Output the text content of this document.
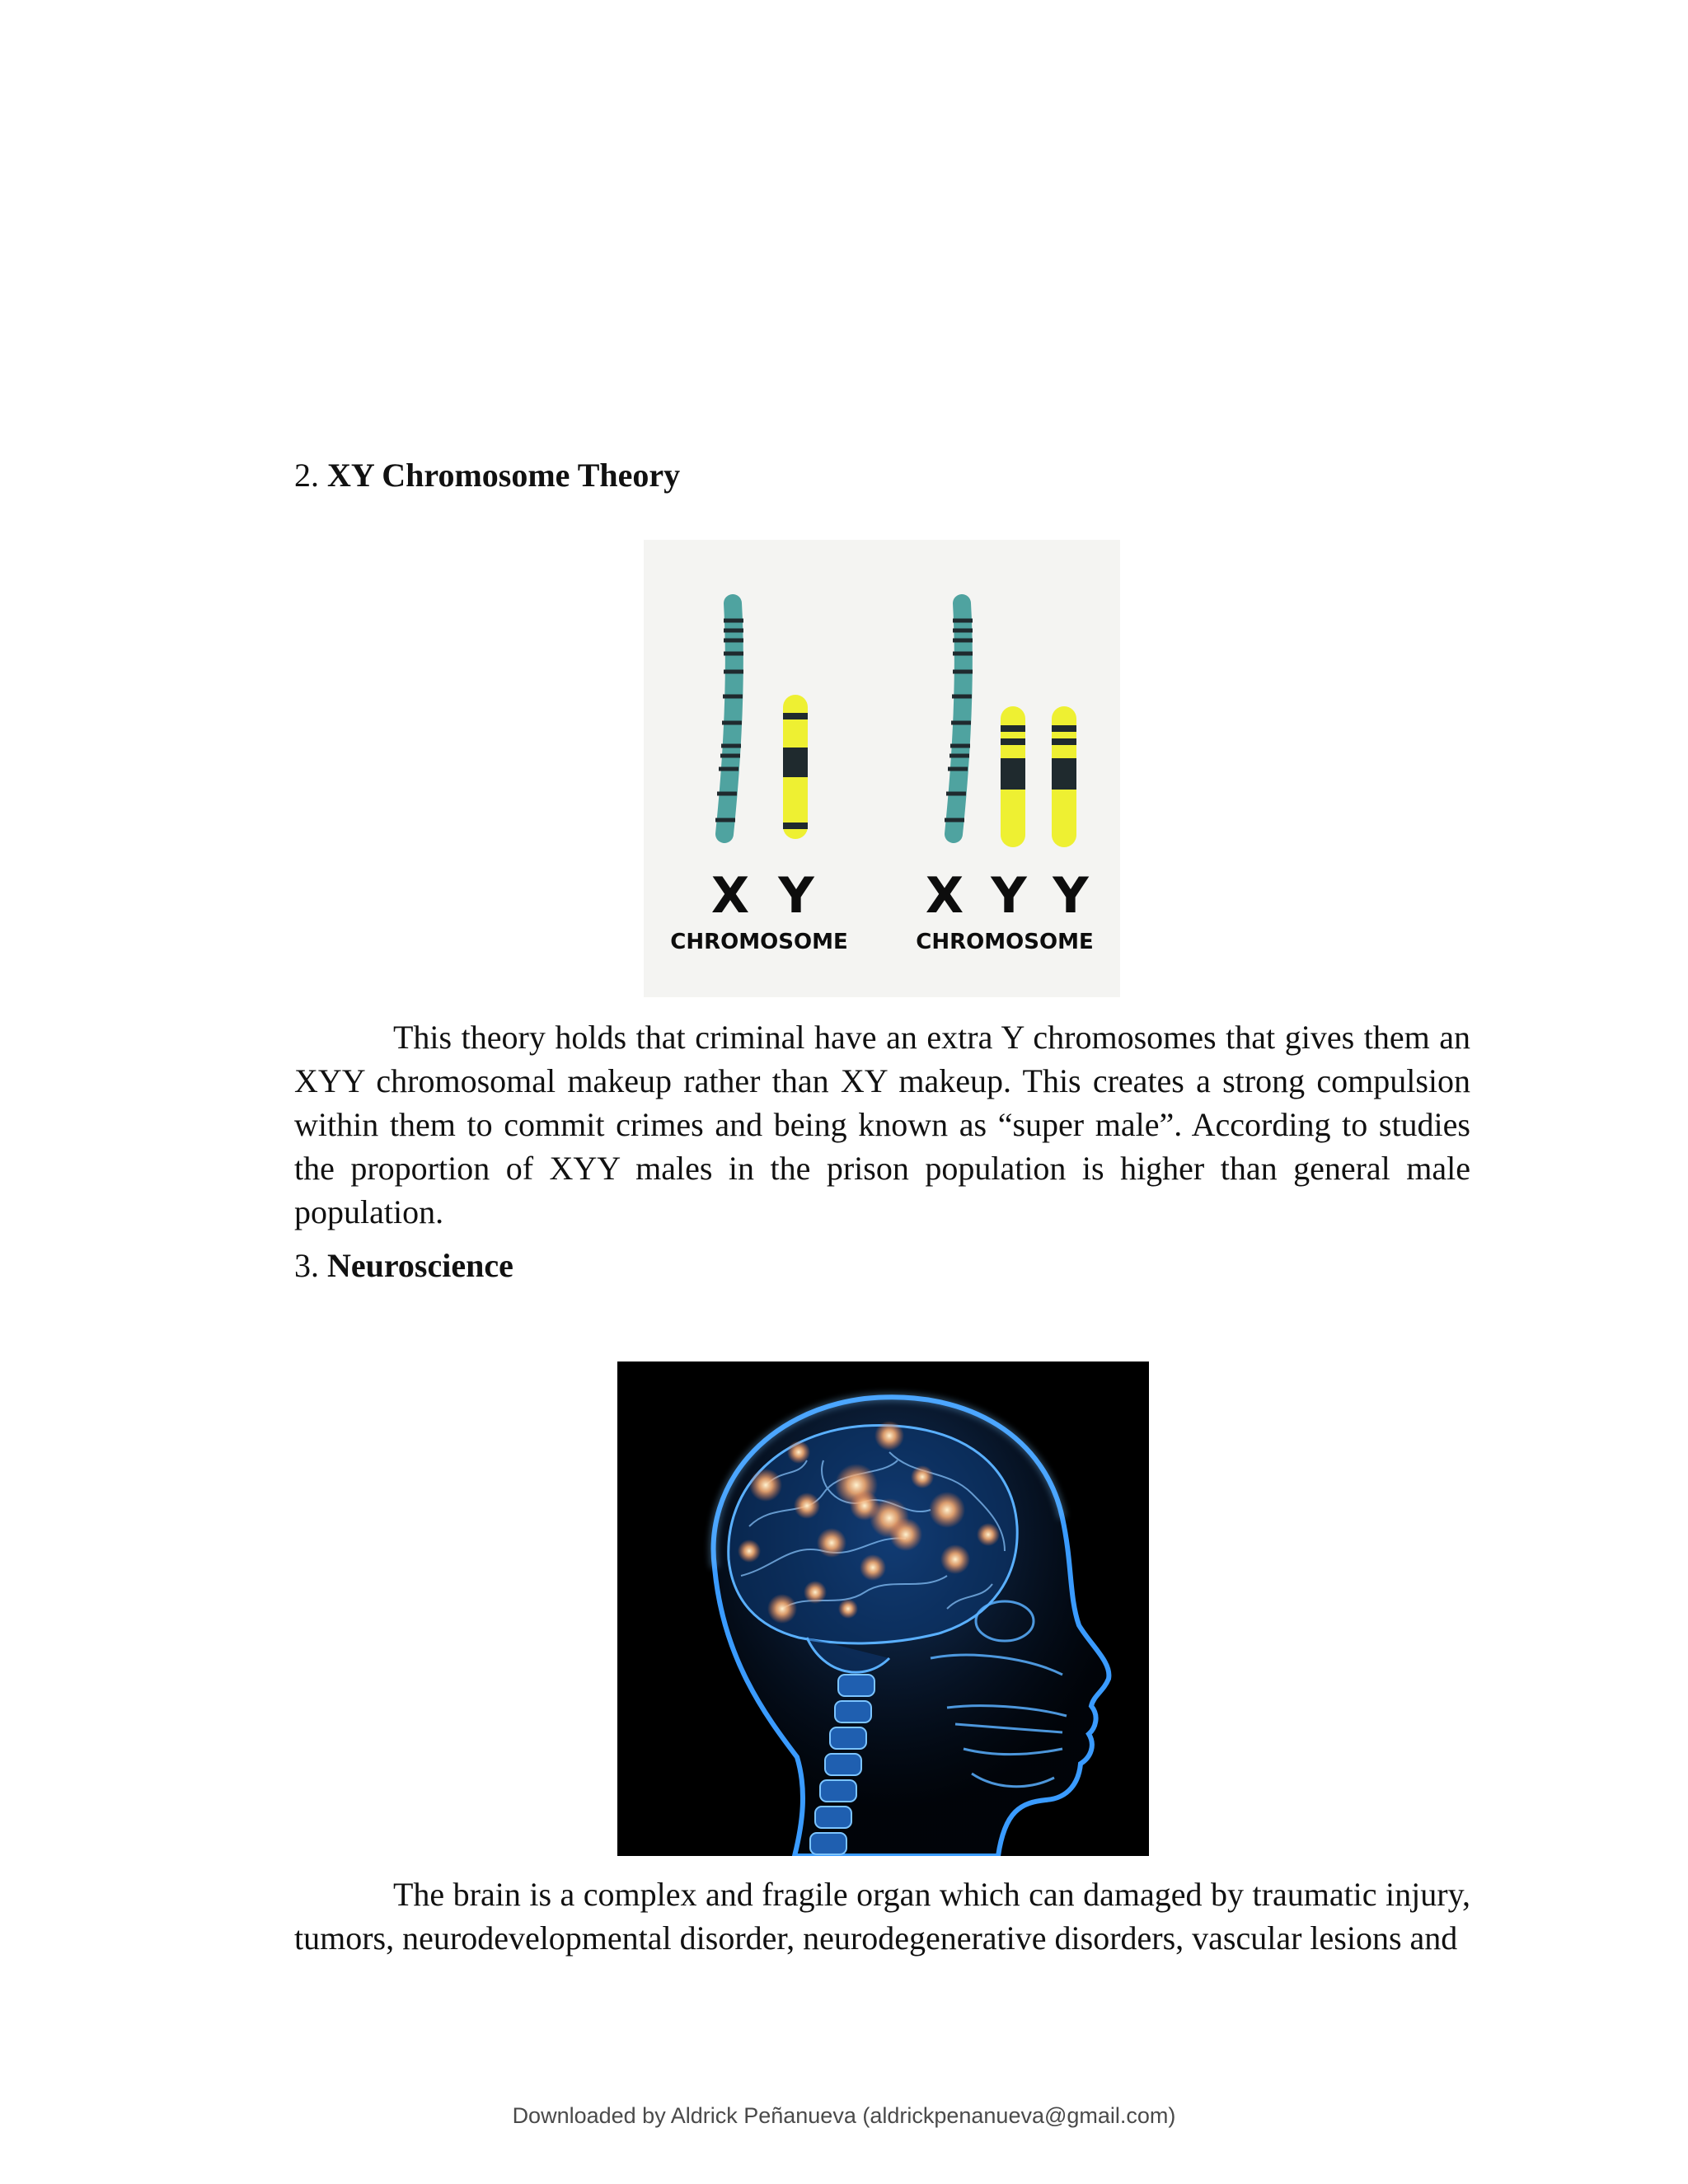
2. XY Chromosome Theory
X Y
CHROMOSOME
X Y Y
CHROMOSOME

This theory holds that criminal have an extra Y chromosomes that gives them an XYY chromosomal makeup rather than XY makeup. This creates a strong compulsion within them to commit crimes and being known as “super male”. According to studies the proportion of XYY males in the prison population is higher than general male population.

3. Neuroscience

The brain is a complex and fragile organ which can damaged by traumatic injury, tumors, neurodevelopmental disorder, neurodegenerative disorders, vascular lesions and

Downloaded by Aldrick Peñanueva (aldrickpenanueva@gmail.com)
